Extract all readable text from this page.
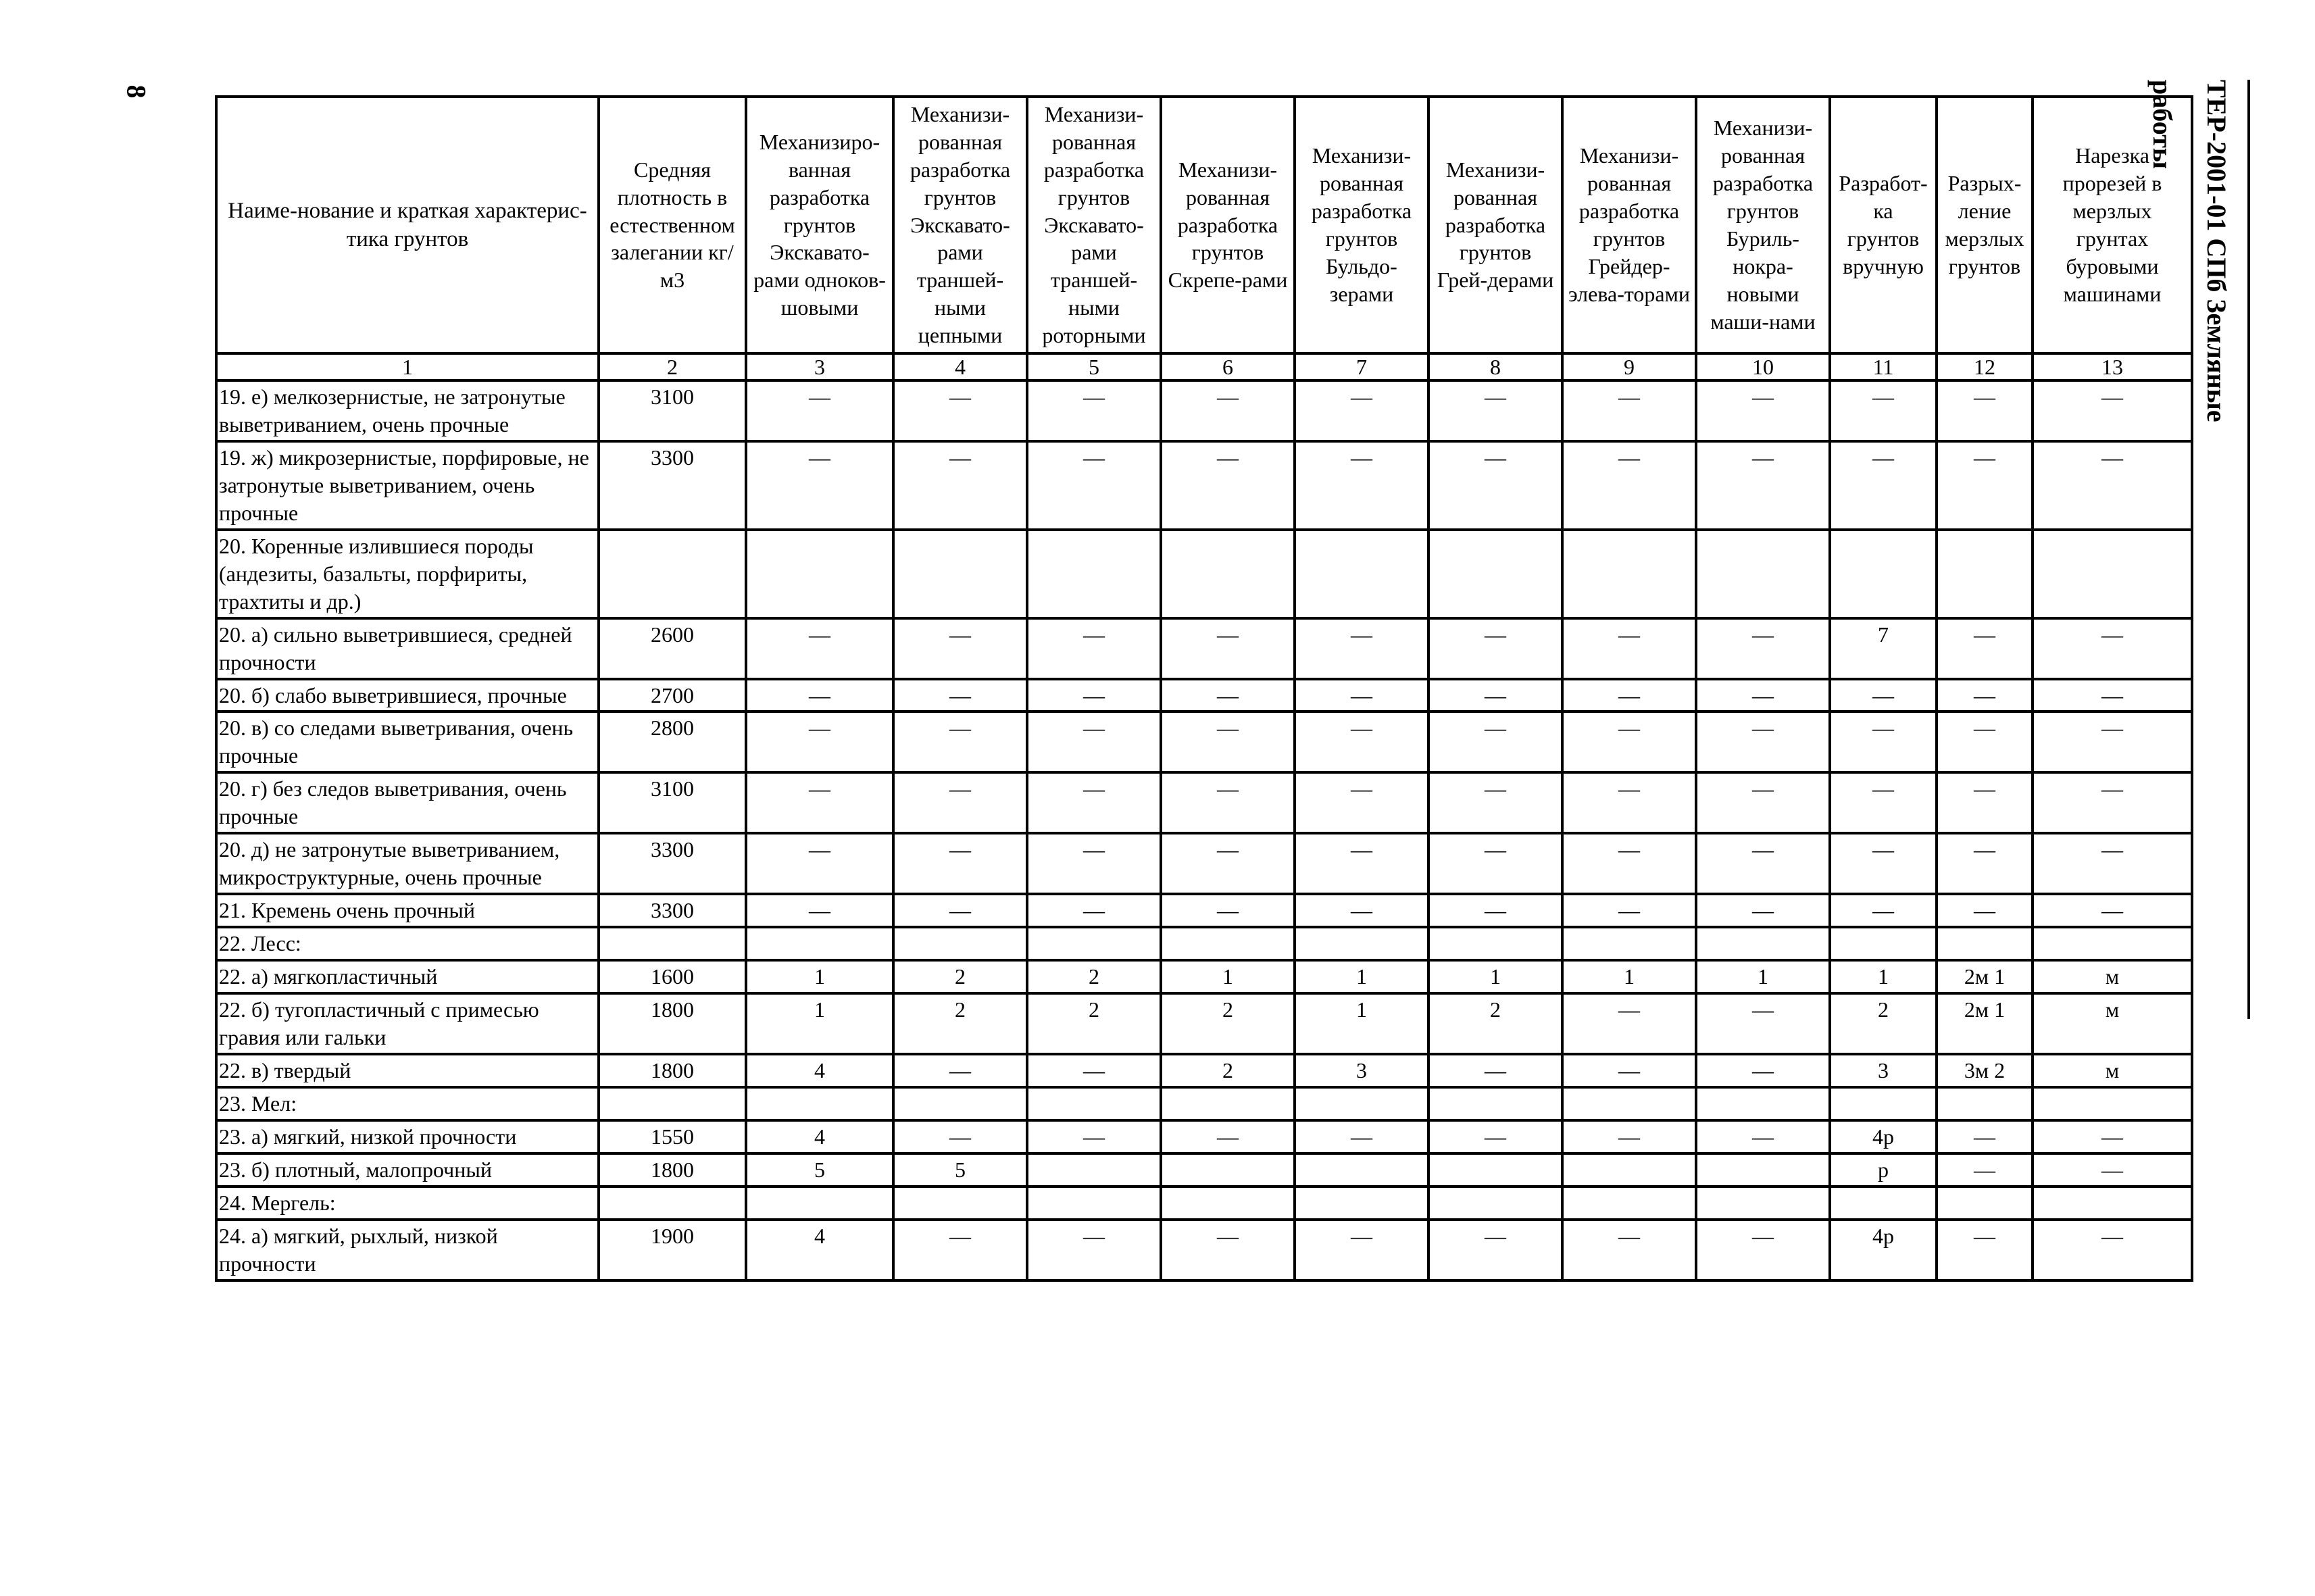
8	ТЕР-2001-01 СПб Земляные работы
Наиме-нование и краткая характерис-тика грунтов	Средняя плотность в естественном залегании кг/м3	Механизиро-ванная разработка грунтов Экскавато-рами одноков-шовыми	Механизи-рованная разработка грунтов Экскавато-рами траншей-ными цепными	Механизи-рованная разработка грунтов Экскавато-рами траншей-ными роторными	Механизи-рованная разработка грунтов Скрепе-рами	Механизи-рованная разработка грунтов Бульдо-зерами	Механизи-рованная разработка грунтов Грей-дерами	Механизи-рованная разработка грунтов Грейдер-элева-торами	Механизи-рованная разработка грунтов Буриль-нокра-новыми маши-нами	Разработ-ка грунтов вручную	Разрых-ление мерзлых грунтов	Нарезка прорезей в мерзлых грунтах буровыми машинами
1	2	3	4	5	6	7	8	9	10	11	12	13
19. е) мелкозернистые, не затронутые выветриванием, очень прочные	3100	—	—	—	—	—	—	—	—	—	—	—
19. ж) микрозернистые, порфировые, не затронутые выветриванием, очень прочные	3300	—	—	—	—	—	—	—	—	—	—	—
20. Коренные излившиеся породы (андезиты, базальты, порфириты, трахтиты и др.)												
20. а) сильно выветрившиеся, средней прочности	2600	—	—	—	—	—	—	—	—	7	—	—
20. б) слабо выветрившиеся, прочные	2700	—	—	—	—	—	—	—	—	—	—	—
20. в) со следами выветривания, очень прочные	2800	—	—	—	—	—	—	—	—	—	—	—
20. г) без следов выветривания, очень прочные	3100	—	—	—	—	—	—	—	—	—	—	—
20. д) не затронутые выветриванием, микроструктурные, очень прочные	3300	—	—	—	—	—	—	—	—	—	—	—
21. Кремень очень прочный	3300	—	—	—	—	—	—	—	—	—	—	—
22. Лесс:												
22. а) мягкопластичный	1600	1	2	2	1	1	1	1	1	1	2м 1	м
22. б) тугопластичный с примесью гравия или гальки	1800	1	2	2	2	1	2	—	—	2	2м 1	м
22. в) твердый	1800	4	—	—	2	3	—	—	—	3	3м 2	м
23. Мел:												
23. а) мягкий, низкой прочности	1550	4	—	—	—	—	—	—	—	4р	—	—
23. б) плотный, малопрочный	1800	5	5							р	—	—
24. Мергель:												
24. а) мягкий, рыхлый, низкой прочности	1900	4	—	—	—	—	—	—	—	4р	—	—
